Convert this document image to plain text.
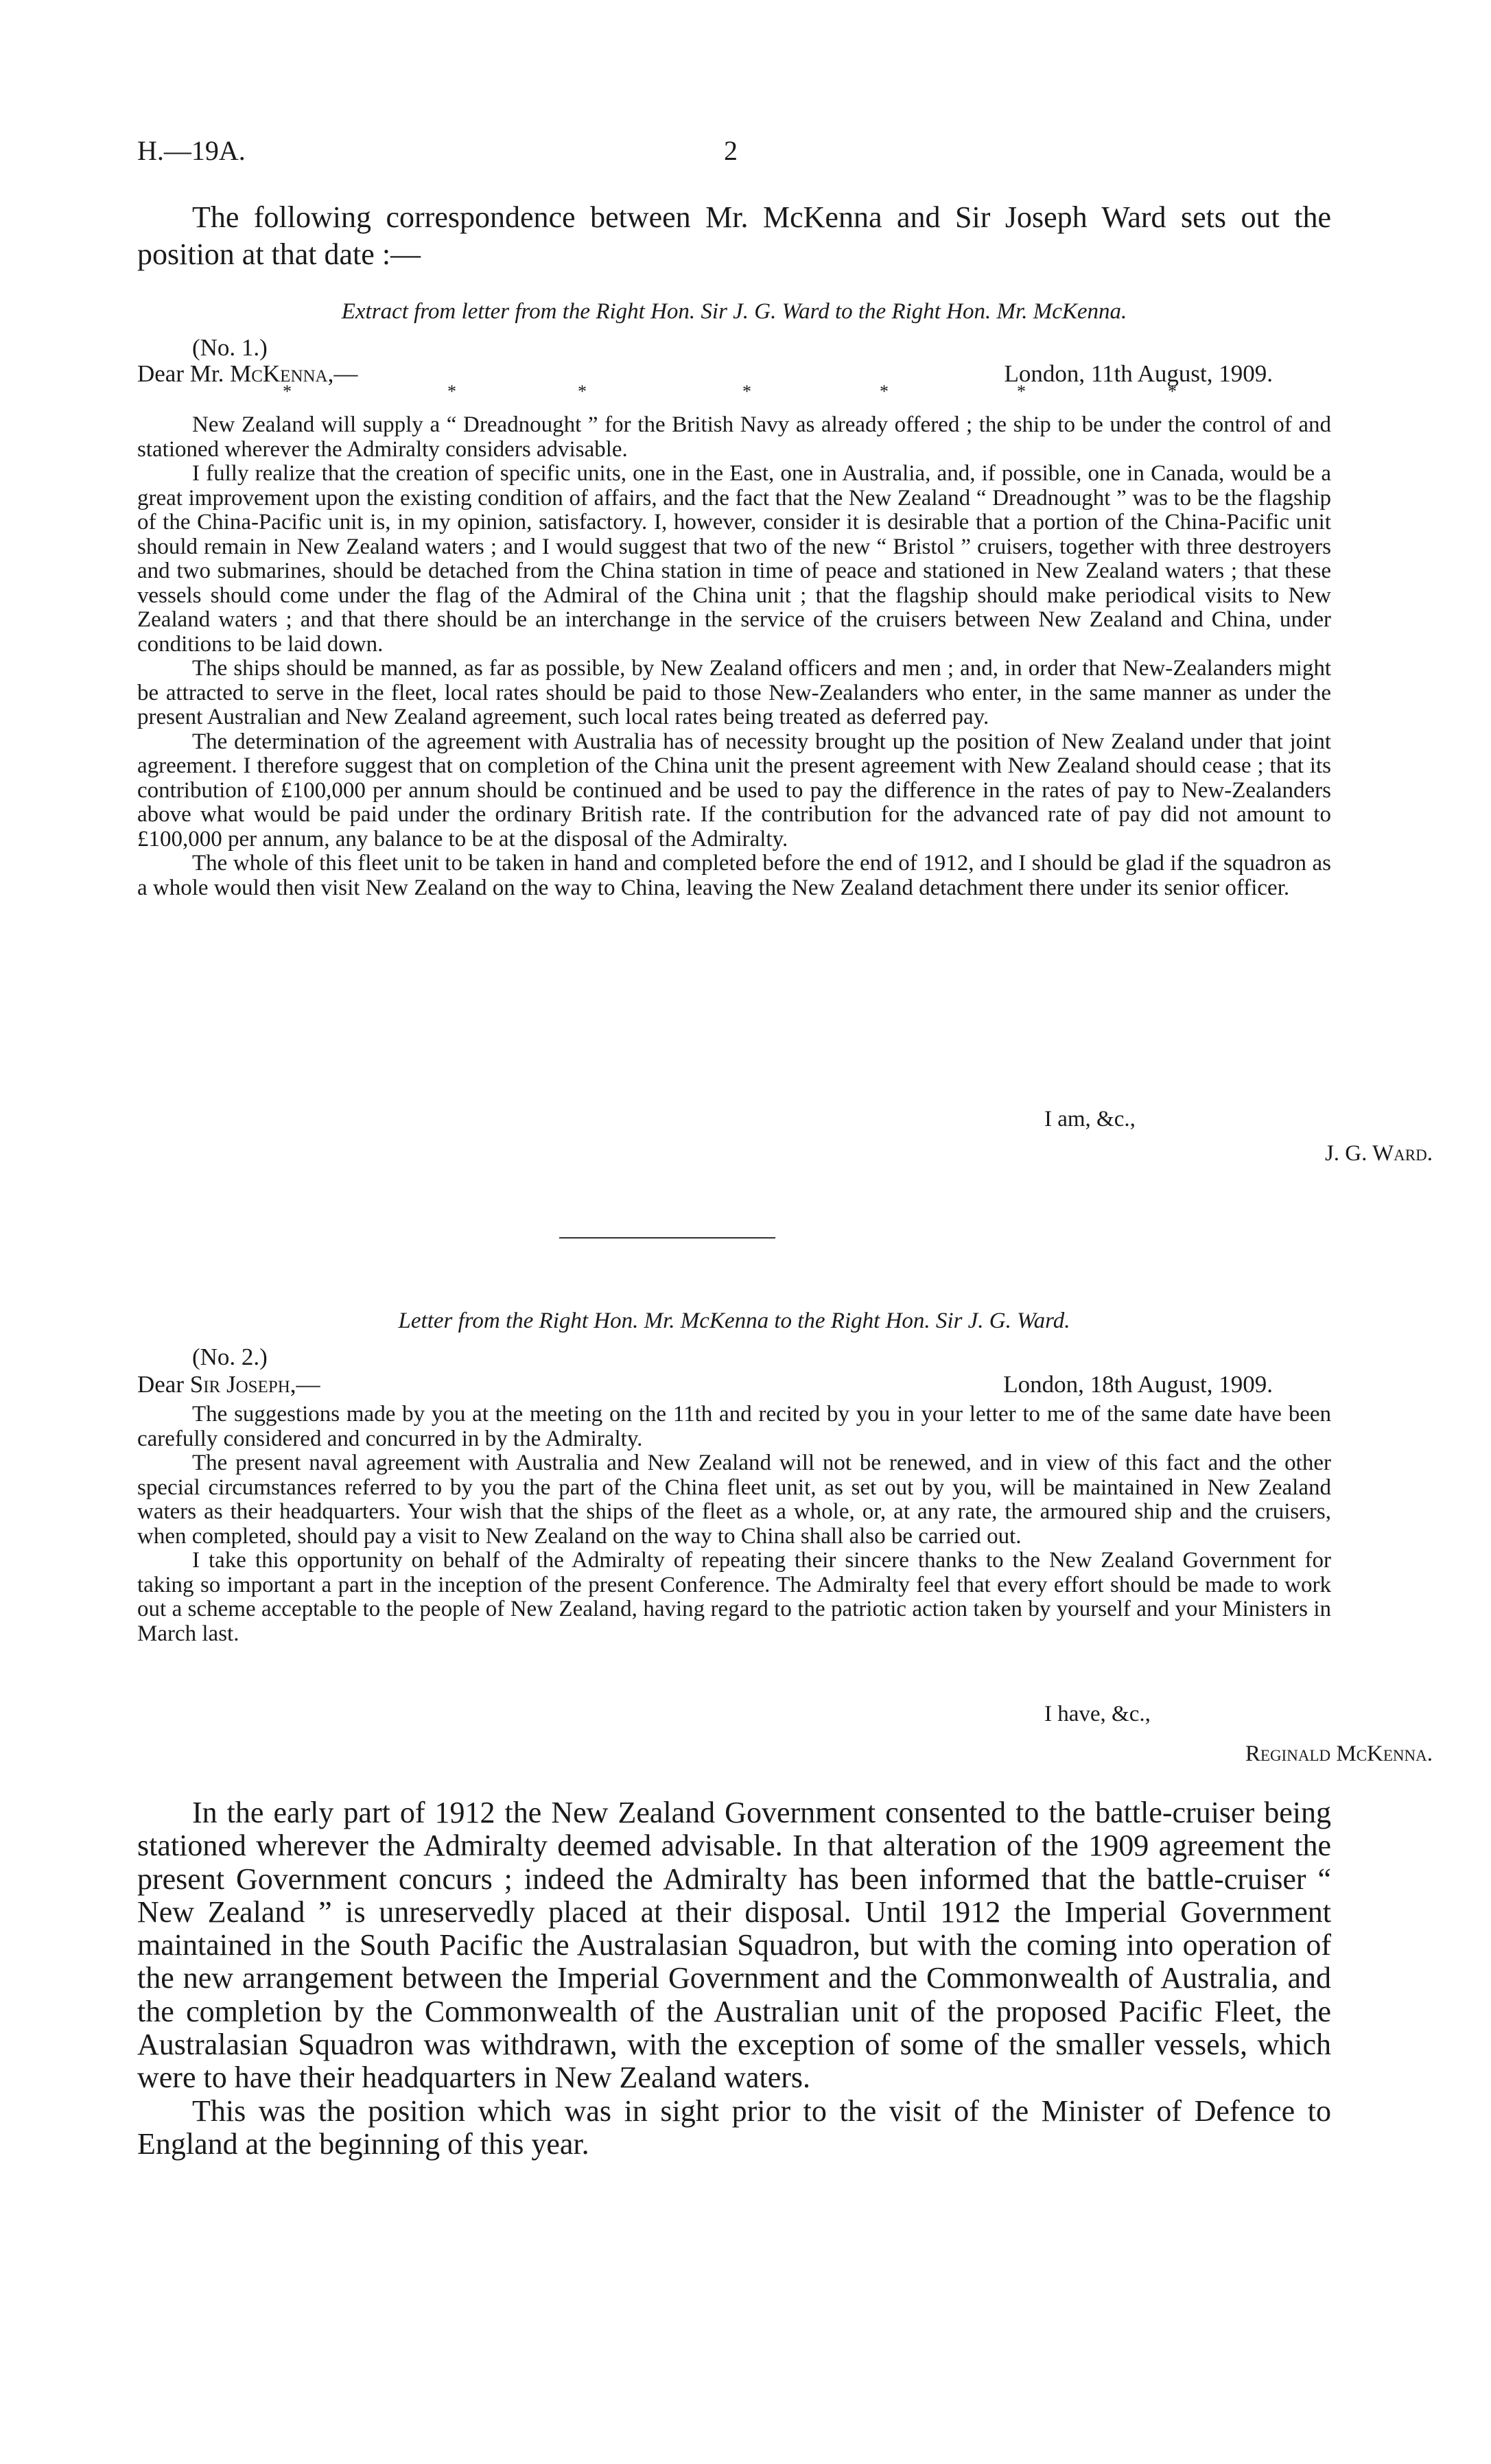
H.—19A.	2

The following correspondence between Mr. McKenna and Sir Joseph Ward sets out the position at that date :—

Extract from letter from the Right Hon. Sir J. G. Ward to the Right Hon. Mr. McKenna.

(No. 1.)

Dear Mr. McKenna,—	London, 11th August, 1909.
*	*	*	*	*	*	*

New Zealand will supply a “ Dreadnought ” for the British Navy as already offered ; the ship to be under the control of and stationed wherever the Admiralty considers advisable.

I fully realize that the creation of specific units, one in the East, one in Australia, and, if possible, one in Canada, would be a great improvement upon the existing condition of affairs, and the fact that the New Zealand “ Dreadnought ” was to be the flagship of the China-Pacific unit is, in my opinion, satisfactory. I, however, consider it is desirable that a portion of the China-Pacific unit should remain in New Zealand waters ; and I would suggest that two of the new “ Bristol ” cruisers, together with three destroyers and two submarines, should be detached from the China station in time of peace and stationed in New Zealand waters ; that these vessels should come under the flag of the Admiral of the China unit ; that the flagship should make periodical visits to New Zealand waters ; and that there should be an interchange in the service of the cruisers between New Zealand and China, under conditions to be laid down.

The ships should be manned, as far as possible, by New Zealand officers and men ; and, in order that New-Zealanders might be attracted to serve in the fleet, local rates should be paid to those New-Zealanders who enter, in the same manner as under the present Australian and New Zealand agreement, such local rates being treated as deferred pay.

The determination of the agreement with Australia has of necessity brought up the position of New Zealand under that joint agreement. I therefore suggest that on completion of the China unit the present agreement with New Zealand should cease ; that its contribution of £100,000 per annum should be continued and be used to pay the difference in the rates of pay to New-Zealanders above what would be paid under the ordinary British rate. If the contribution for the advanced rate of pay did not amount to £100,000 per annum, any balance to be at the disposal of the Admiralty.

The whole of this fleet unit to be taken in hand and completed before the end of 1912, and I should be glad if the squadron as a whole would then visit New Zealand on the way to China, leaving the New Zealand detachment there under its senior officer.

I am, &c.,

J. G. Ward.

Letter from the Right Hon. Mr. McKenna to the Right Hon. Sir J. G. Ward.

(No. 2.)

Dear Sir Joseph,—	London, 18th August, 1909.

The suggestions made by you at the meeting on the 11th and recited by you in your letter to me of the same date have been carefully considered and concurred in by the Admiralty.

The present naval agreement with Australia and New Zealand will not be renewed, and in view of this fact and the other special circumstances referred to by you the part of the China fleet unit, as set out by you, will be maintained in New Zealand waters as their headquarters. Your wish that the ships of the fleet as a whole, or, at any rate, the armoured ship and the cruisers, when completed, should pay a visit to New Zealand on the way to China shall also be carried out.

I take this opportunity on behalf of the Admiralty of repeating their sincere thanks to the New Zealand Government for taking so important a part in the inception of the present Conference. The Admiralty feel that every effort should be made to work out a scheme acceptable to the people of New Zealand, having regard to the patriotic action taken by yourself and your Ministers in March last.

I have, &c.,

Reginald McKenna.

In the early part of 1912 the New Zealand Government consented to the battle-cruiser being stationed wherever the Admiralty deemed advisable. In that alteration of the 1909 agreement the present Government concurs ; indeed the Admiralty has been informed that the battle-cruiser “ New Zealand ” is unreservedly placed at their disposal. Until 1912 the Imperial Government maintained in the South Pacific the Australasian Squadron, but with the coming into operation of the new arrangement between the Imperial Government and the Commonwealth of Australia, and the completion by the Commonwealth of the Australian unit of the proposed Pacific Fleet, the Australasian Squadron was withdrawn, with the exception of some of the smaller vessels, which were to have their headquarters in New Zealand waters.

This was the position which was in sight prior to the visit of the Minister of Defence to England at the beginning of this year.
